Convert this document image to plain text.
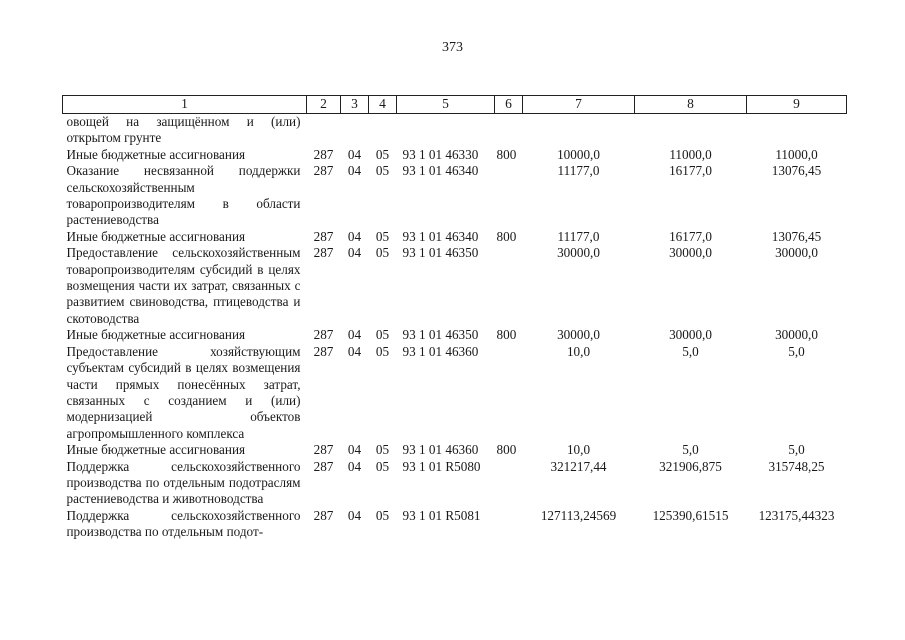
373
1	2	3	4	5	6	7	8	9
овощей на защищённом и (или) открытом грунте								
Иные бюджетные ассигнования	287	04	05	93 1 01 46330	800	10000,0	11000,0	11000,0
Оказание несвязанной поддержки сельскохозяйственным товаропроизводителям в области растениеводства	287	04	05	93 1 01 46340		11177,0	16177,0	13076,45
Иные бюджетные ассигнования	287	04	05	93 1 01 46340	800	11177,0	16177,0	13076,45
Предоставление сельскохозяйственным товаропроизводителям субсидий в целях возмещения части их затрат, связанных с развитием свиноводства, птицеводства и скотоводства	287	04	05	93 1 01 46350		30000,0	30000,0	30000,0
Иные бюджетные ассигнования	287	04	05	93 1 01 46350	800	30000,0	30000,0	30000,0
Предоставление хозяйствующим субъектам субсидий в целях возмещения части прямых понесённых затрат, связанных с созданием и (или) модернизацией объектов агропромышленного комплекса	287	04	05	93 1 01 46360		10,0	5,0	5,0
Иные бюджетные ассигнования	287	04	05	93 1 01 46360	800	10,0	5,0	5,0
Поддержка сельскохозяйственного производства по отдельным подотраслям растениеводства и животноводства	287	04	05	93 1 01 R5080		321217,44	321906,875	315748,25
Поддержка сельскохозяйственного производства по отдельным подот-	287	04	05	93 1 01 R5081		127113,24569	125390,61515	123175,44323
